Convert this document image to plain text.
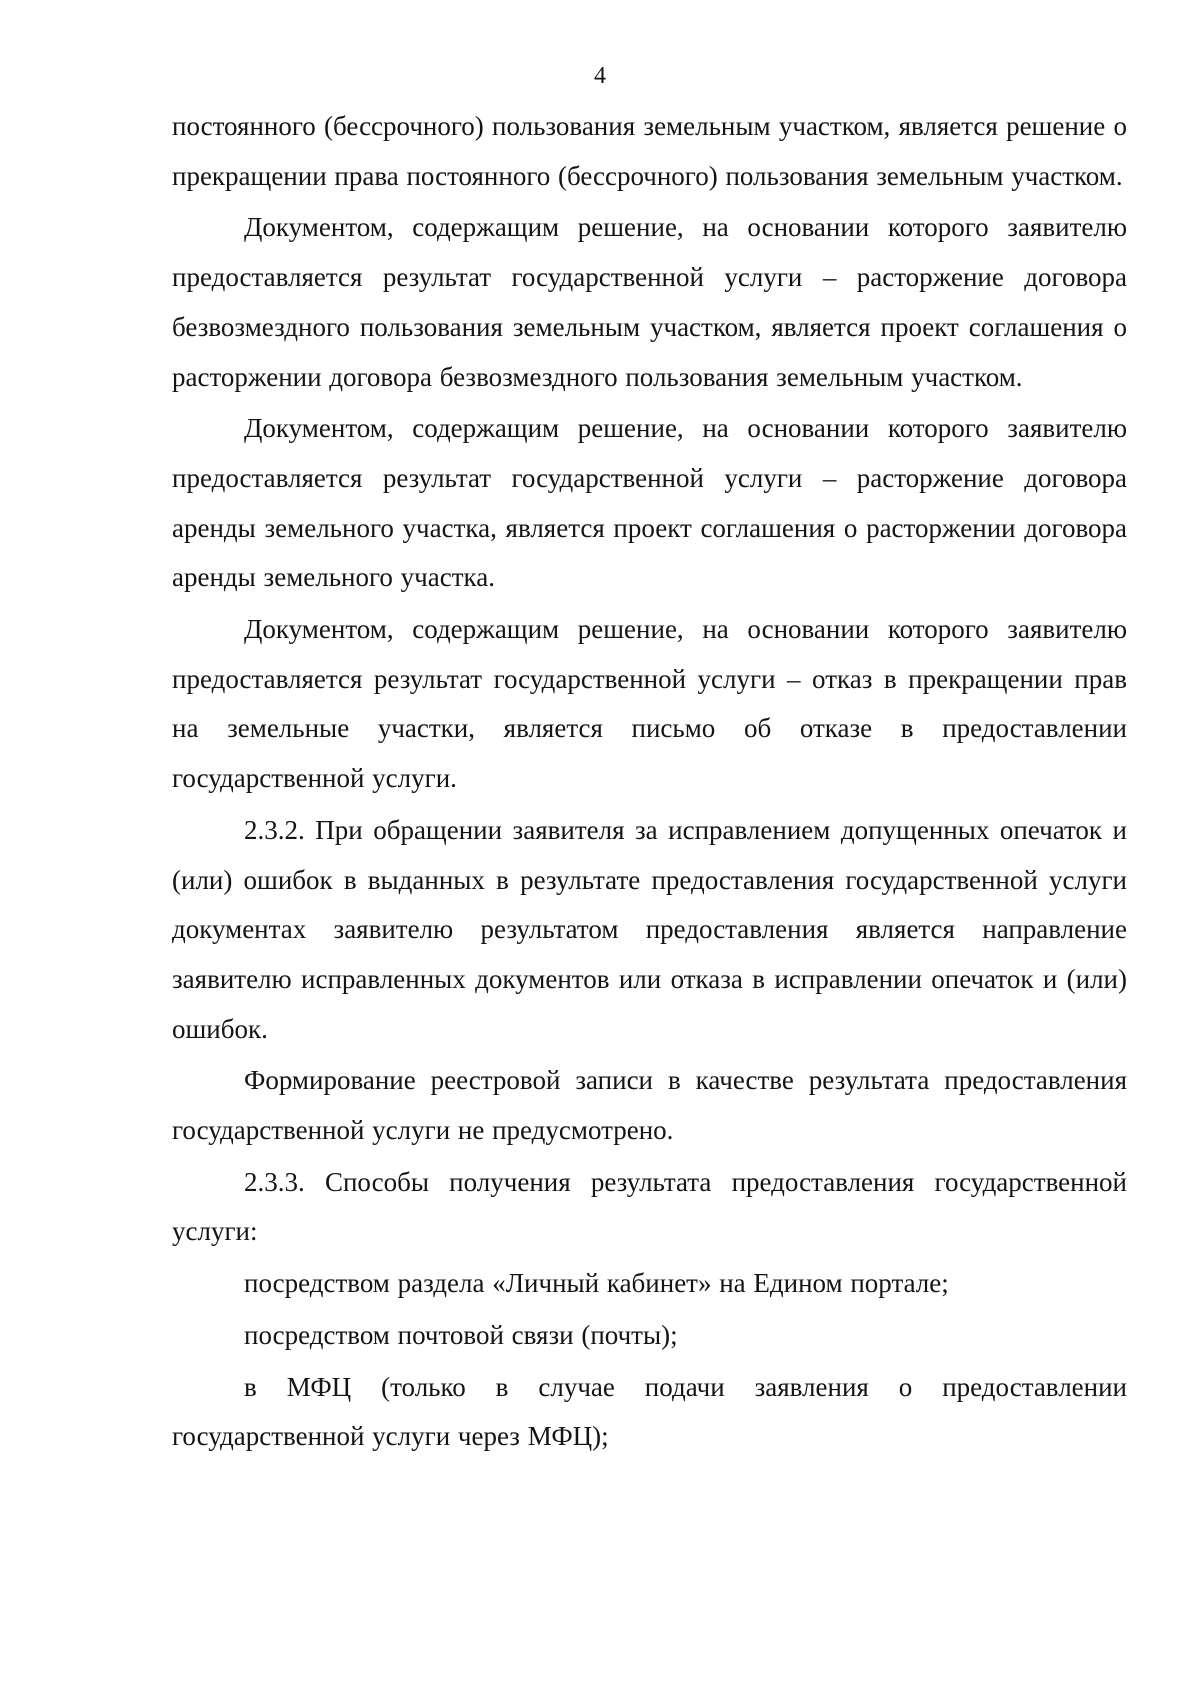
4

постоянного (бессрочного) пользования земельным участком, является решение о прекращении права постоянного (бессрочного) пользования земельным участком.

Документом, содержащим решение, на основании которого заявителю предоставляется результат государственной услуги – расторжение договора безвозмездного пользования земельным участком, является проект соглашения о расторжении договора безвозмездного пользования земельным участком.

Документом, содержащим решение, на основании которого заявителю предоставляется результат государственной услуги – расторжение договора аренды земельного участка, является проект соглашения о расторжении договора аренды земельного участка.

Документом, содержащим решение, на основании которого заявителю предоставляется результат государственной услуги – отказ в прекращении прав на земельные участки, является письмо об отказе в предоставлении государственной услуги.

2.3.2. При обращении заявителя за исправлением допущенных опечаток и (или) ошибок в выданных в результате предоставления государственной услуги документах заявителю результатом предоставления является направление заявителю исправленных документов или отказа в исправлении опечаток и (или) ошибок.

Формирование реестровой записи в качестве результата предоставления государственной услуги не предусмотрено.

2.3.3. Способы получения результата предоставления государственной услуги:

посредством раздела «Личный кабинет» на Едином портале;

посредством почтовой связи (почты);

в МФЦ (только в случае подачи заявления о предоставлении государственной услуги через МФЦ);
